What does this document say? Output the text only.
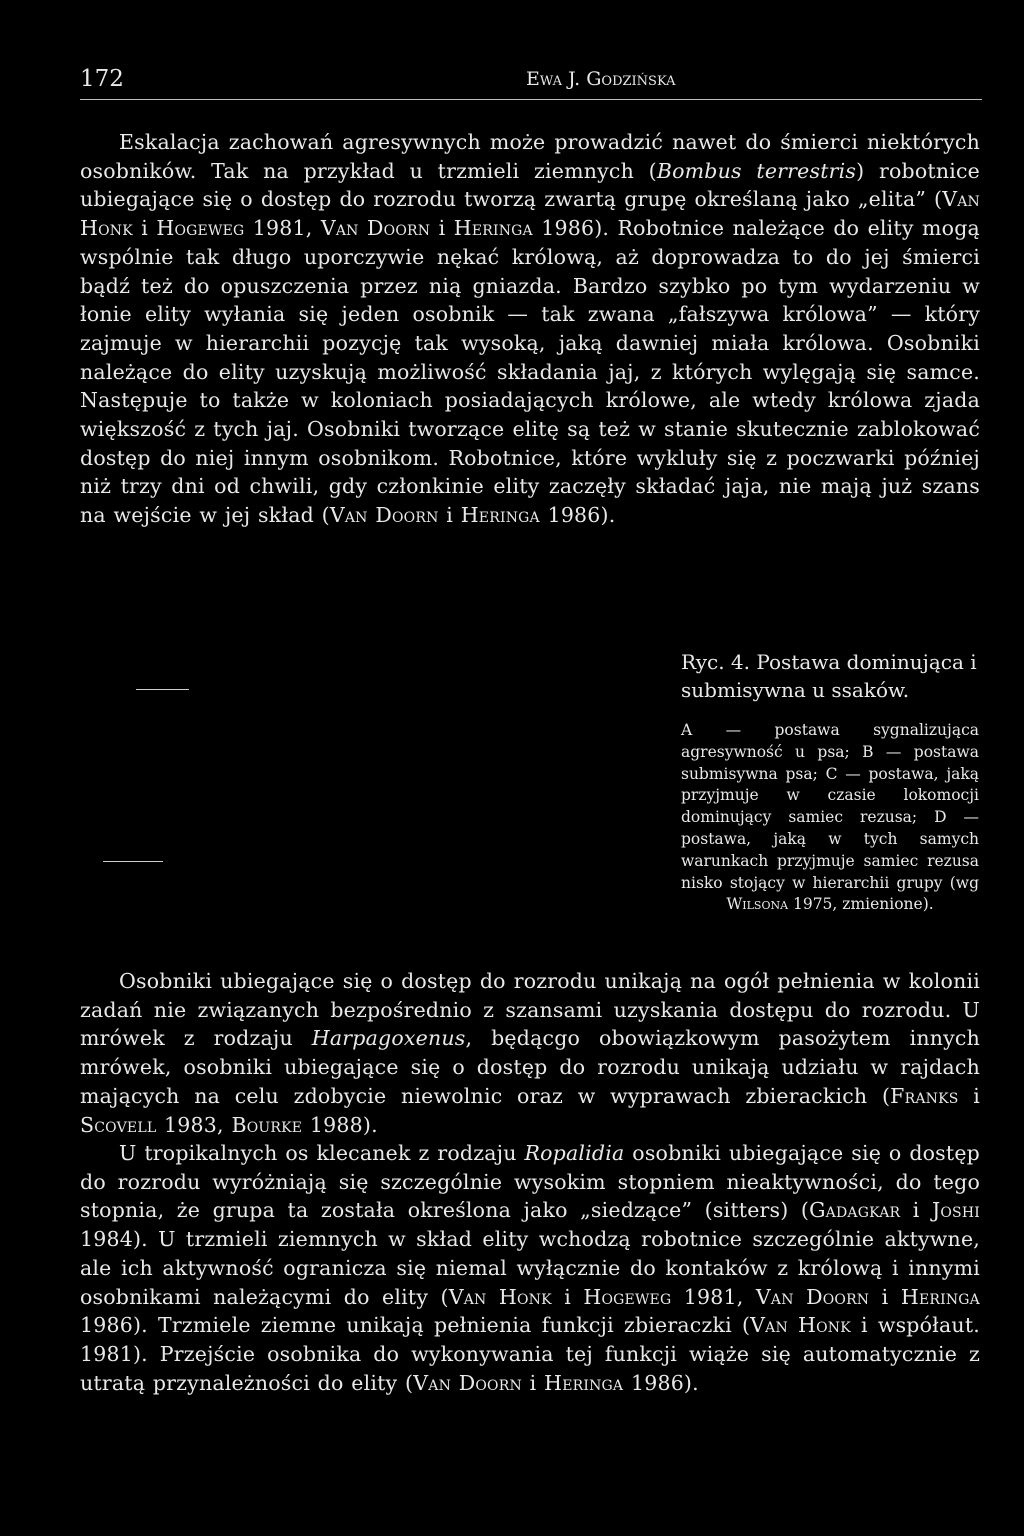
172	Ewa J. Godzińska

Eskalacja zachowań agresywnych może prowadzić nawet do śmierci niektórych osobników. Tak na przykład u trzmieli ziemnych (Bombus terrestris) robotnice ubiegające się o dostęp do rozrodu tworzą zwartą grupę określaną jako „elita” (Van Honk i Hogeweg 1981, Van Doorn i Heringa 1986). Robotnice należące do elity mogą wspólnie tak długo uporczywie nękać królową, aż doprowadza to do jej śmierci bądź też do opuszczenia przez nią gniazda. Bardzo szybko po tym wydarzeniu w łonie elity wyłania się jeden osobnik — tak zwana „fałszywa królowa” — który zajmuje w hierarchii pozycję tak wysoką, jaką dawniej miała królowa. Osobniki należące do elity uzyskują możliwość składania jaj, z których wylęgają się samce. Następuje to także w koloniach posiadających królowe, ale wtedy królowa zjada większość z tych jaj. Osobniki tworzące elitę są też w stanie skutecznie zablokować dostęp do niej innym osobnikom. Robotnice, które wykluły się z poczwarki później niż trzy dni od chwili, gdy członkinie elity zaczęły składać jaja, nie mają już szans na wejście w jej skład (Van Doorn i Heringa 1986).

Ryc. 4. Postawa dominująca i submisywna u ssaków.

A — postawa sygnalizująca agresywność u psa; B — postawa submisywna psa; C — postawa, jaką przyjmuje w czasie lokomocji dominujący samiec rezusa; D — postawa, jaką w tych samych warunkach przyjmuje samiec rezusa nisko stojący w hierarchii grupy (wg Wilsona 1975, zmienione).

Osobniki ubiegające się o dostęp do rozrodu unikają na ogół pełnienia w kolonii zadań nie związanych bezpośrednio z szansami uzyskania dostępu do rozrodu. U mrówek z rodzaju Harpagoxenus, będącgo obowiązkowym pasożytem innych mrówek, osobniki ubiegające się o dostęp do rozrodu unikają udziału w rajdach mających na celu zdobycie niewolnic oraz w wyprawach zbierackich (Franks i Scovell 1983, Bourke 1988).

U tropikalnych os klecanek z rodzaju Ropalidia osobniki ubiegające się o dostęp do rozrodu wyróżniają się szczególnie wysokim stopniem nieaktywności, do tego stopnia, że grupa ta została określona jako „siedzące” (sitters) (Gadagkar i Joshi 1984). U trzmieli ziemnych w skład elity wchodzą robotnice szczególnie aktywne, ale ich aktywność ogranicza się niemal wyłącznie do kontaków z królową i innymi osobnikami należącymi do elity (Van Honk i Hogeweg 1981, Van Doorn i Heringa 1986). Trzmiele ziemne unikają pełnienia funkcji zbieraczki (Van Honk i współaut. 1981). Przejście osobnika do wykonywania tej funkcji wiąże się automatycznie z utratą przynależności do elity (Van Doorn i Heringa 1986).
